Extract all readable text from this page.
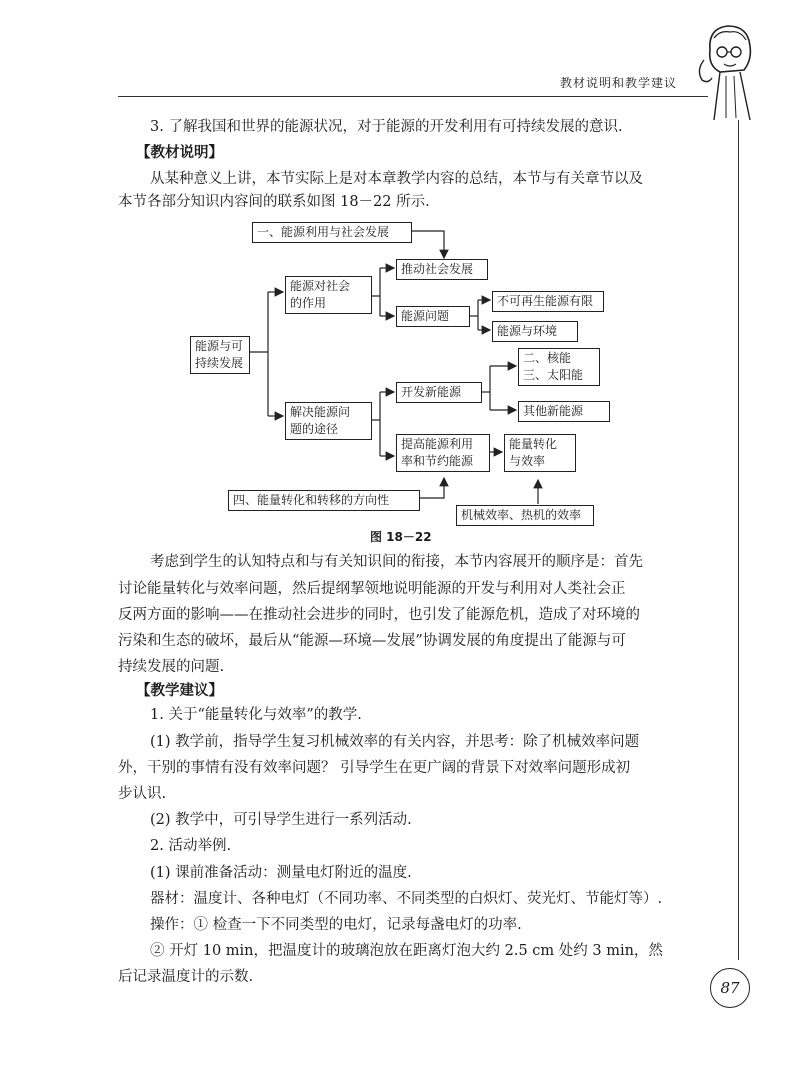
教材说明和教学建议
3. 了解我国和世界的能源状况，对于能源的开发利用有可持续发展的意识.
【教材说明】
从某种意义上讲，本节实际上是对本章教学内容的总结，本节与有关章节以及
本节各部分知识内容间的联系如图 18－22 所示.
一、能源利用与社会发展
能源与可
持续发展
能源对社会
的作用
推动社会发展
能源问题
不可再生能源有限
能源与环境
解决能源问
题的途径
开发新能源
二、核能
三、太阳能
其他新能源
提高能源利用
率和节约能源
能量转化
与效率
四、能量转化和转移的方向性
机械效率、热机的效率
图 18－22
考虑到学生的认知特点和与有关知识间的衔接，本节内容展开的顺序是：首先
讨论能量转化与效率问题，然后提纲挈领地说明能源的开发与利用对人类社会正
反两方面的影响——在推动社会进步的同时，也引发了能源危机，造成了对环境的
污染和生态的破坏，最后从“能源—环境—发展”协调发展的角度提出了能源与可
持续发展的问题.
【教学建议】
1. 关于“能量转化与效率”的教学.
(1) 教学前，指导学生复习机械效率的有关内容，并思考：除了机械效率问题
外，干别的事情有没有效率问题？ 引导学生在更广阔的背景下对效率问题形成初
步认识.
(2) 教学中，可引导学生进行一系列活动.
2. 活动举例.
(1) 课前准备活动：测量电灯附近的温度.
器材：温度计、各种电灯（不同功率、不同类型的白炽灯、荧光灯、节能灯等）.
操作：① 检查一下不同类型的电灯，记录每盏电灯的功率.
② 开灯 10 min，把温度计的玻璃泡放在距离灯泡大约 2.5 cm 处约 3 min，然
后记录温度计的示数.
87
